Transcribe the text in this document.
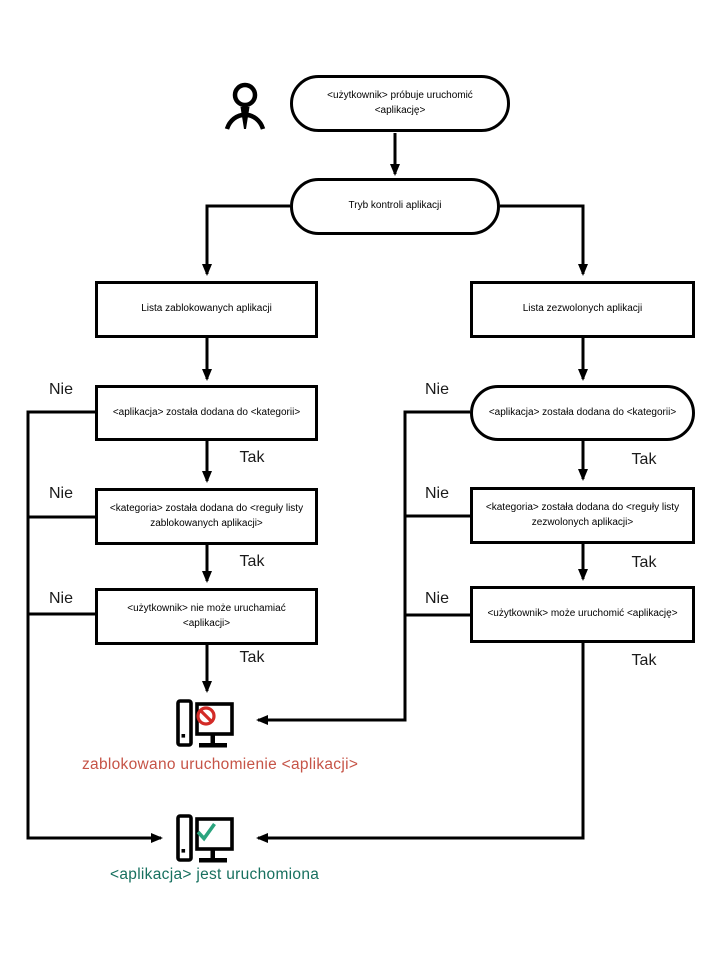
<użytkownik> próbuje uruchomić <aplikację>
Tryb kontroli aplikacji
Lista zablokowanych aplikacji	Lista zezwolonych aplikacji
<aplikacja> została dodana do <kategorii>	<aplikacja> została dodana do <kategorii>
<kategoria> została dodana do <reguły listy zablokowanych aplikacji>
<kategoria> została dodana do <reguły listy zezwolonych aplikacji>
<użytkownik> nie może uruchamiać <aplikacji>
<użytkownik> może uruchomić <aplikację>
Nie
Nie
Nie
Nie
Nie
Nie
Tak
Tak
Tak
Tak
Tak
Tak
zablokowano uruchomienie <aplikacji>
<aplikacja> jest uruchomiona
